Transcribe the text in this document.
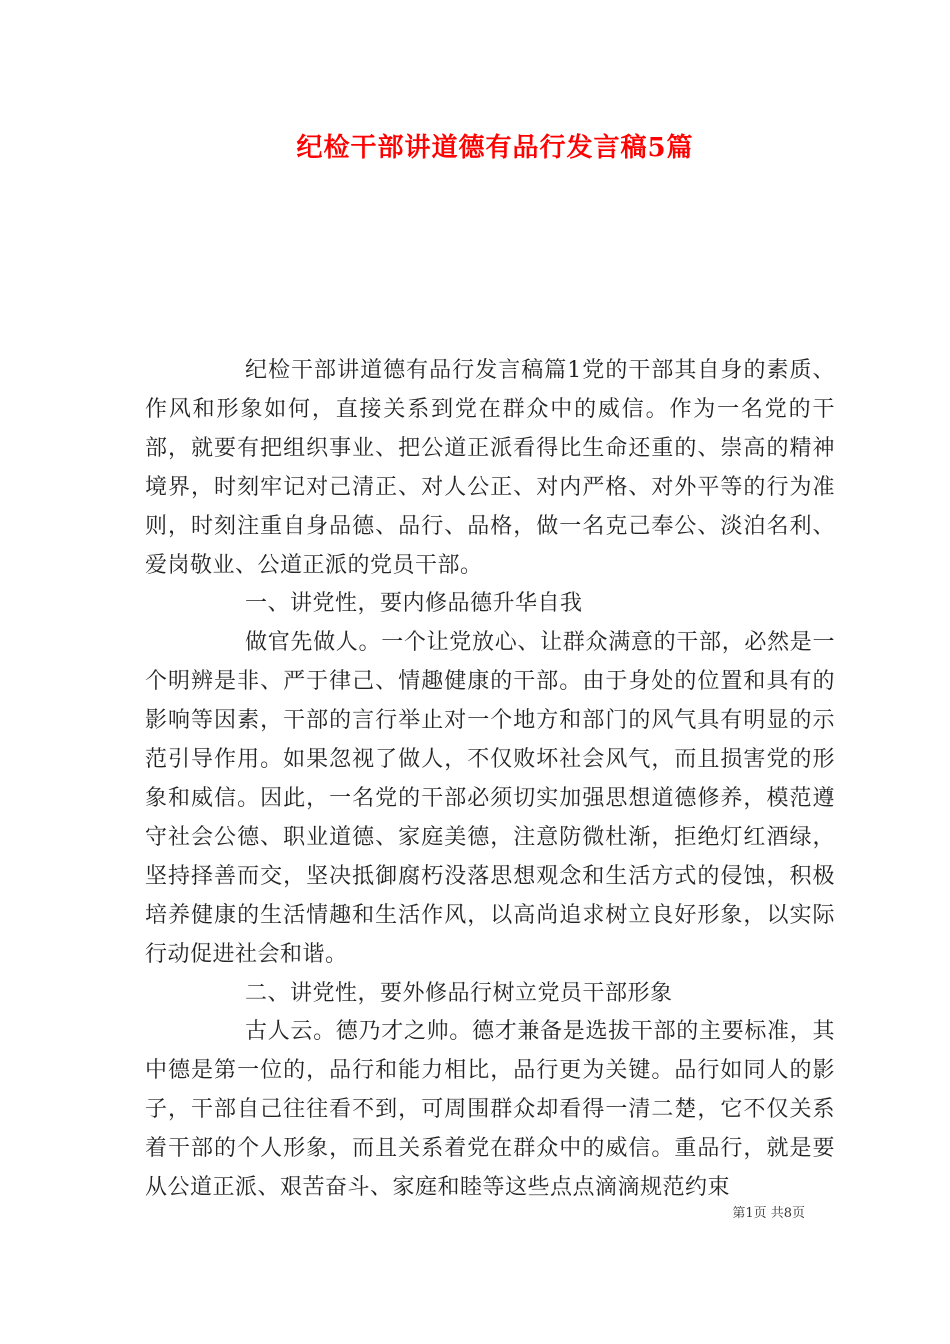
纪检干部讲道德有品行发言稿5篇

纪检干部讲道德有品行发言稿篇1党的干部其自身的素质、作风和形象如何，直接关系到党在群众中的威信。作为一名党的干部，就要有把组织事业、把公道正派看得比生命还重的、崇高的精神境界，时刻牢记对己清正、对人公正、对内严格、对外平等的行为准则，时刻注重自身品德、品行、品格，做一名克己奉公、淡泊名利、爱岗敬业、公道正派的党员干部。

一、讲党性，要内修品德升华自我

做官先做人。一个让党放心、让群众满意的干部，必然是一个明辨是非、严于律己、情趣健康的干部。由于身处的位置和具有的影响等因素，干部的言行举止对一个地方和部门的风气具有明显的示范引导作用。如果忽视了做人，不仅败坏社会风气，而且损害党的形象和威信。因此，一名党的干部必须切实加强思想道德修养，模范遵守社会公德、职业道德、家庭美德，注意防微杜渐，拒绝灯红酒绿，坚持择善而交，坚决抵御腐朽没落思想观念和生活方式的侵蚀，积极培养健康的生活情趣和生活作风，以高尚追求树立良好形象，以实际行动促进社会和谐。

二、讲党性，要外修品行树立党员干部形象

古人云。德乃才之帅。德才兼备是选拔干部的主要标准，其中德是第一位的，品行和能力相比，品行更为关键。品行如同人的影子，干部自己往往看不到，可周围群众却看得一清二楚，它不仅关系着干部的个人形象，而且关系着党在群众中的威信。重品行，就是要从公道正派、艰苦奋斗、家庭和睦等这些点点滴滴规范约束

第1页 共8页
